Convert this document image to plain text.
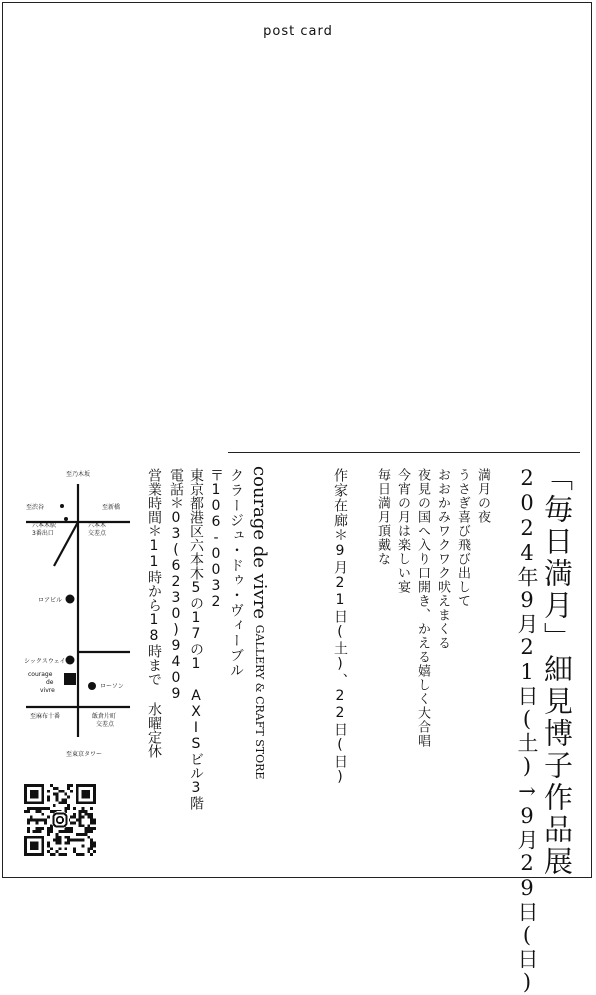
post card
「毎日満月」細見博子作品展
2024年9月21日(土)→9月29日(日)
満月の夜
うさぎ喜び飛び出して
おおかみワクワク吠えまくる
夜見の国へ入り口開き、かえる嬉しく大合唱
今宵の月は楽しい宴
毎日満月頂戴な
作家在廊＊9月21日(土)、22日(日)
courage de vivre GALLERY & CRAFT STORE
クラージュ・ドゥ・ヴィーブル
〒106-0032
東京都港区六本木5の17の1 AXISビル3階
電話＊03(6230)9409
営業時間＊11時から18時まで 水曜定休
至乃木坂
至渋谷	至新橋
六本木駅
3番出口
六本木
交差点
ロアビル
シックスウェイク
courage
de
vivre
ローソン
至麻布十番	飯倉片町
交差点
至東京タワー
